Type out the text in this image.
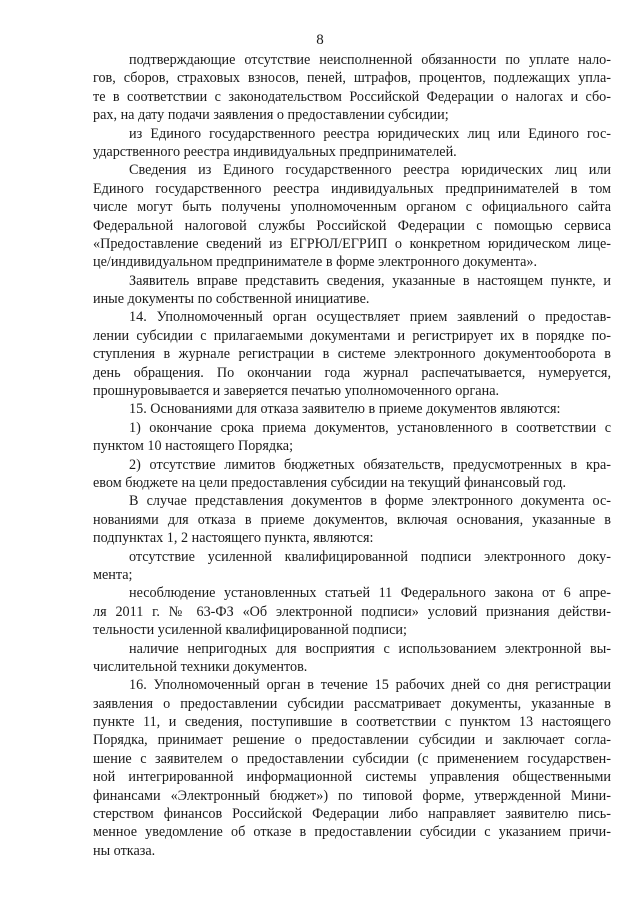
8
подтверждающие отсутствие неисполненной обязанности по уплате нало-
гов, сборов, страховых взносов, пеней, штрафов, процентов, подлежащих упла-
те в соответствии с законодательством Российской Федерации о налогах и сбо-
рах, на дату подачи заявления о предоставлении субсидии;
из Единого государственного реестра юридических лиц или Единого гос-
ударственного реестра индивидуальных предпринимателей.
Сведения из Единого государственного реестра юридических лиц или
Единого государственного реестра индивидуальных предпринимателей в том
числе могут быть получены уполномоченным органом с официального сайта
Федеральной налоговой службы Российской Федерации с помощью сервиса
«Предоставление сведений из ЕГРЮЛ/ЕГРИП о конкретном юридическом лице-
це/индивидуальном предпринимателе в форме электронного документа».
Заявитель вправе представить сведения, указанные в настоящем пункте, и
иные документы по собственной инициативе.
14. Уполномоченный орган осуществляет прием заявлений о предостав-
лении субсидии с прилагаемыми документами и регистрирует их в порядке по-
ступления в журнале регистрации в системе электронного документооборота в
день обращения. По окончании года журнал распечатывается, нумеруется,
прошнуровывается и заверяется печатью уполномоченного органа.
15. Основаниями для отказа заявителю в приеме документов являются:
1) окончание срока приема документов, установленного в соответствии с
пунктом 10 настоящего Порядка;
2) отсутствие лимитов бюджетных обязательств, предусмотренных в кра-
евом бюджете на цели предоставления субсидии на текущий финансовый год.
В случае представления документов в форме электронного документа ос-
нованиями для отказа в приеме документов, включая основания, указанные в
подпунктах 1, 2 настоящего пункта, являются:
отсутствие усиленной квалифицированной подписи электронного доку-
мента;
несоблюдение установленных статьей 11 Федерального закона от 6 апре-
ля 2011 г. № 63-ФЗ «Об электронной подписи» условий признания действи-
тельности усиленной квалифицированной подписи;
наличие непригодных для восприятия с использованием электронной вы-
числительной техники документов.
16. Уполномоченный орган в течение 15 рабочих дней со дня регистрации
заявления о предоставлении субсидии рассматривает документы, указанные в
пункте 11, и сведения, поступившие в соответствии с пунктом 13 настоящего
Порядка, принимает решение о предоставлении субсидии и заключает согла-
шение с заявителем о предоставлении субсидии (с применением государствен-
ной интегрированной информационной системы управления общественными
финансами «Электронный бюджет») по типовой форме, утвержденной Мини-
стерством финансов Российской Федерации либо направляет заявителю пись-
менное уведомление об отказе в предоставлении субсидии с указанием причи-
ны отказа.
